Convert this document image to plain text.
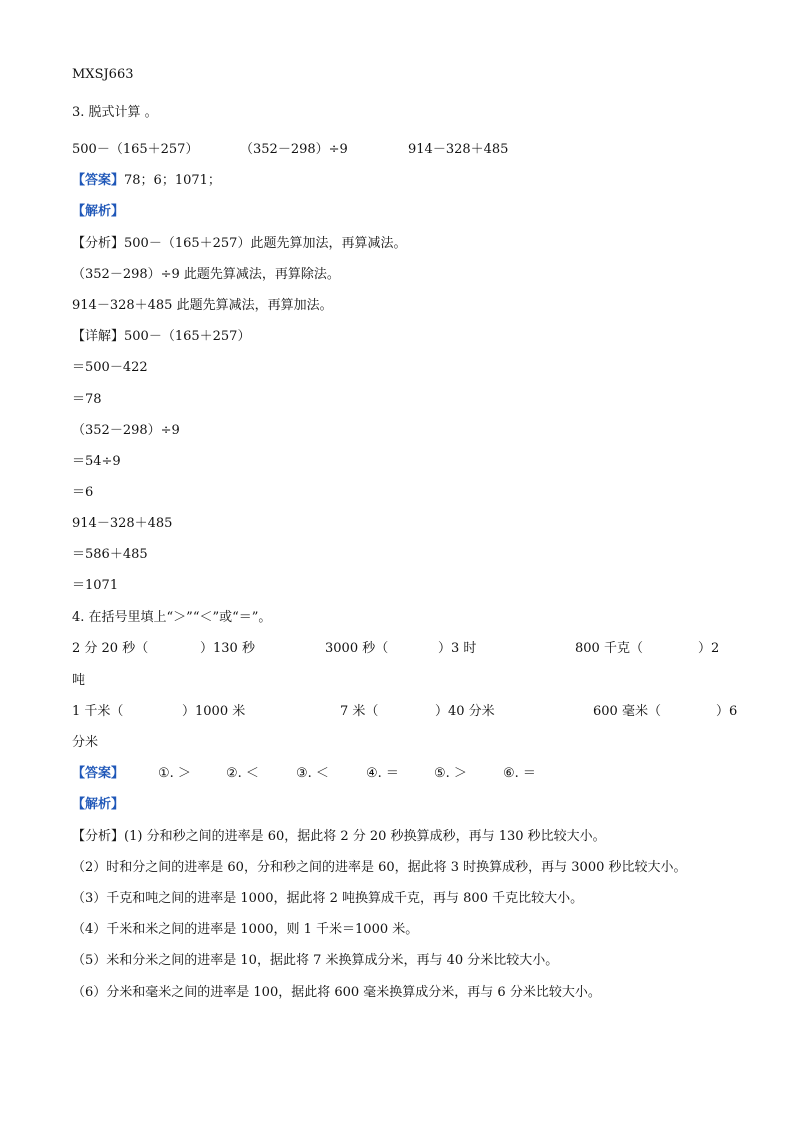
MXSJ663
3. 脱式计算 。
500－（165＋257）	（352－298）÷9	914－328＋485
【答案】78；6；1071；
【解析】
【分析】500－（165＋257）此题先算加法，再算减法。
（352－298）÷9 此题先算减法，再算除法。
914－328＋485 此题先算减法，再算加法。
【详解】500－（165＋257）
＝500－422
＝78
（352－298）÷9
＝54÷9
＝6
914－328＋485
＝586＋485
＝1071
4. 在括号里填上“＞”“＜”或“＝”。
2 分 20 秒（	）130 秒	3000 秒（	）3 时	800 千克（	）2
吨
1 千米（	）1000 米	7 米（	）40 分米	600 毫米（	）6
分米
【答案】	①. ＞	②. ＜	③. ＜	④. ＝	⑤. ＞	⑥. ＝
【解析】
【分析】(1) 分和秒之间的进率是 60，据此将 2 分 20 秒换算成秒，再与 130 秒比较大小。
（2）时和分之间的进率是 60，分和秒之间的进率是 60，据此将 3 时换算成秒，再与 3000 秒比较大小。
（3）千克和吨之间的进率是 1000，据此将 2 吨换算成千克，再与 800 千克比较大小。
（4）千米和米之间的进率是 1000，则 1 千米＝1000 米。
（5）米和分米之间的进率是 10，据此将 7 米换算成分米，再与 40 分米比较大小。
（6）分米和毫米之间的进率是 100，据此将 600 毫米换算成分米，再与 6 分米比较大小。
